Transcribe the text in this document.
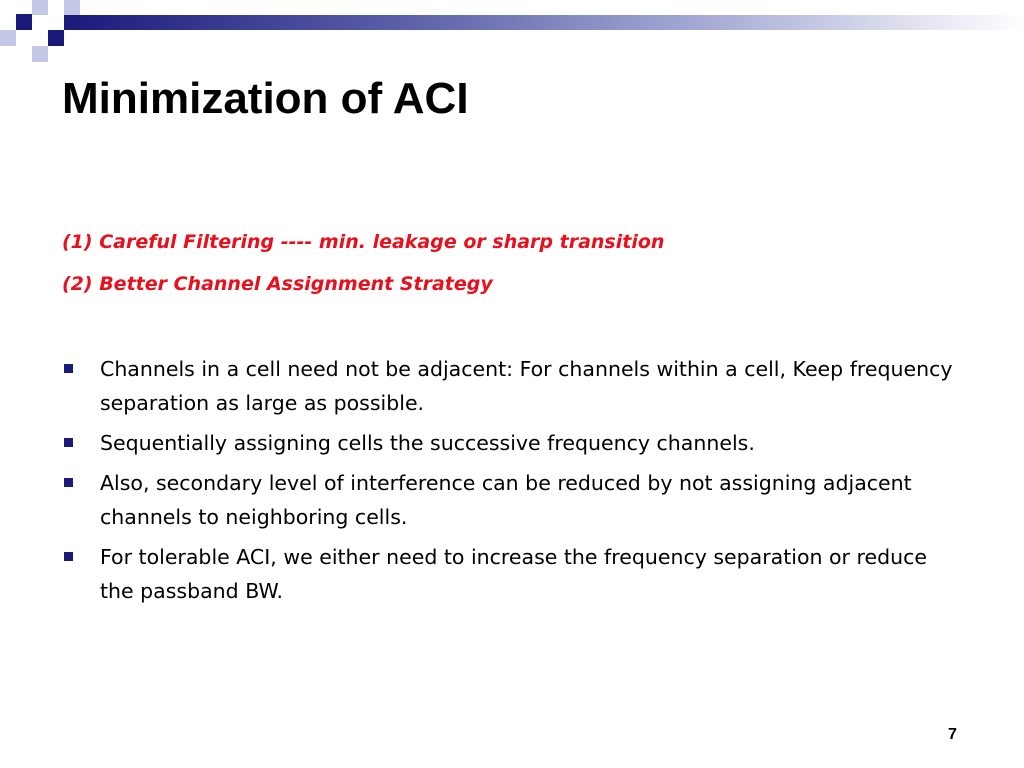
Minimization of ACI

(1) Careful Filtering ---- min. leakage or sharp transition

(2) Better Channel Assignment Strategy

Channels in a cell need not be adjacent: For channels within a cell, Keep frequency separation as large as possible.
Sequentially assigning cells the successive frequency channels.
Also, secondary level of interference can be reduced by not assigning adjacent channels to neighboring cells.
For tolerable ACI, we either need to increase the frequency separation or reduce the passband BW.
7
